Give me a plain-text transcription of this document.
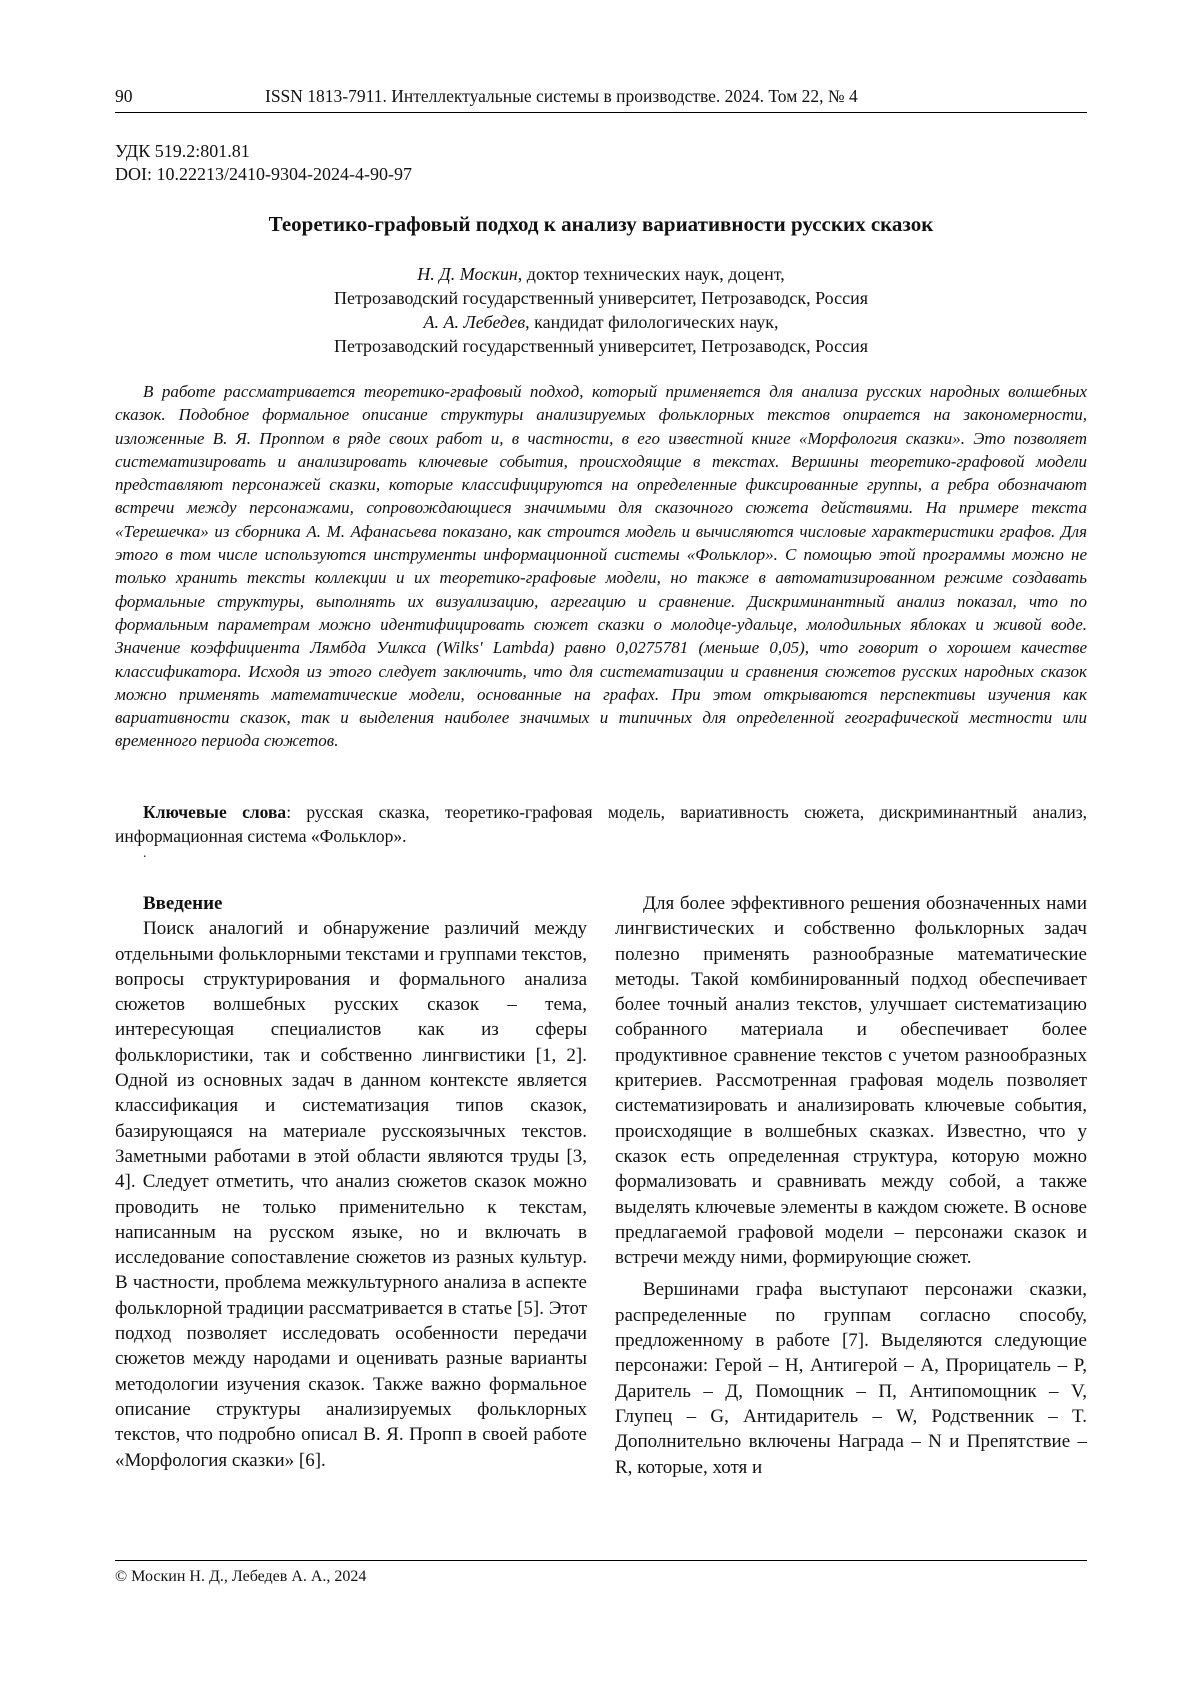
90	ISSN 1813-7911. Интеллектуальные системы в производстве. 2024. Том 22, № 4
УДК 519.2:801.81
DOI: 10.22213/2410-9304-2024-4-90-97
Теоретико-графовый подход к анализу вариативности русских сказок

Н. Д. Москин, доктор технических наук, доцент,

Петрозаводский государственный университет, Петрозаводск, Россия

А. А. Лебедев, кандидат филологических наук,

Петрозаводский государственный университет, Петрозаводск, Россия

В работе рассматривается теоретико-графовый подход, который применяется для анализа русских народных волшебных сказок. Подобное формальное описание структуры анализируемых фольклорных текстов опирается на закономерности, изложенные В. Я. Проппом в ряде своих работ и, в частности, в его известной книге «Морфология сказки». Это позволяет систематизировать и анализировать ключевые события, происходящие в текстах. Вершины теоретико-графовой модели представляют персонажей сказки, которые классифицируются на определенные фиксированные группы, а ребра обозначают встречи между персонажами, сопровождающиеся значимыми для сказочного сюжета действиями. На примере текста «Терешечка» из сборника А. М. Афанасьева показано, как строится модель и вычисляются числовые характеристики графов. Для этого в том числе используются инструменты информационной системы «Фольклор». С помощью этой программы можно не только хранить тексты коллекции и их теоретико-графовые модели, но также в автоматизированном режиме создавать формальные структуры, выполнять их визуализацию, агрегацию и сравнение. Дискриминантный анализ показал, что по формальным параметрам можно идентифицировать сюжет сказки о молодце-удальце, молодильных яблоках и живой воде. Значение коэффициента Лямбда Уилкса (Wilks' Lambda) равно 0,0275781 (меньше 0,05), что говорит о хорошем качестве классификатора. Исходя из этого следует заключить, что для систематизации и сравнения сюжетов русских народных сказок можно применять математические модели, основанные на графах. При этом открываются перспективы изучения как вариативности сказок, так и выделения наиболее значимых и типичных для определенной географической местности или временного периода сюжетов.

Ключевые слова: русская сказка, теоретико-графовая модель, вариативность сюжета, дискриминантный анализ, информационная система «Фольклор».

.

Введение

Поиск аналогий и обнаружение различий между отдельными фольклорными текстами и группами текстов, вопросы структурирования и формального анализа сюжетов волшебных русских сказок – тема, интересующая специалистов как из сферы фольклористики, так и собственно лингвистики [1, 2]. Одной из основных задач в данном контексте является классификация и систематизация типов сказок, базирующаяся на материале русскоязычных текстов. Заметными работами в этой области являются труды [3, 4]. Следует отметить, что анализ сюжетов сказок можно проводить не только применительно к текстам, написанным на русском языке, но и включать в исследование сопоставление сюжетов из разных культур. В частности, проблема межкультурного анализа в аспекте фольклорной традиции рассматривается в статье [5]. Этот подход позволяет исследовать особенности передачи сюжетов между народами и оценивать разные варианты методологии изучения сказок. Также важно формальное описание структуры анализируемых фольклорных текстов, что подробно описал В. Я. Пропп в своей работе «Морфология сказки» [6].

Для более эффективного решения обозначенных нами лингвистических и собственно фольклорных задач полезно применять разнообразные математические методы. Такой комбинированный подход обеспечивает более точный анализ текстов, улучшает систематизацию собранного материала и обеспечивает более продуктивное сравнение текстов с учетом разнообразных критериев. Рассмотренная графовая модель позволяет систематизировать и анализировать ключевые события, происходящие в волшебных сказках. Известно, что у сказок есть определенная структура, которую можно формализовать и сравнивать между собой, а также выделять ключевые элементы в каждом сюжете. В основе предлагаемой графовой модели – персонажи сказок и встречи между ними, формирующие сюжет.

Вершинами графа выступают персонажи сказки, распределенные по группам согласно способу, предложенному в работе [7]. Выделяются следующие персонажи: Герой – H, Антигерой – A, Прорицатель – P, Даритель – Д, Помощник – П, Антипомощник – V, Глупец – G, Антидаритель – W, Родственник – T. Дополнительно включены Награда – N и Препятствие – R, которые, хотя и

© Москин Н. Д., Лебедев А. А., 2024
